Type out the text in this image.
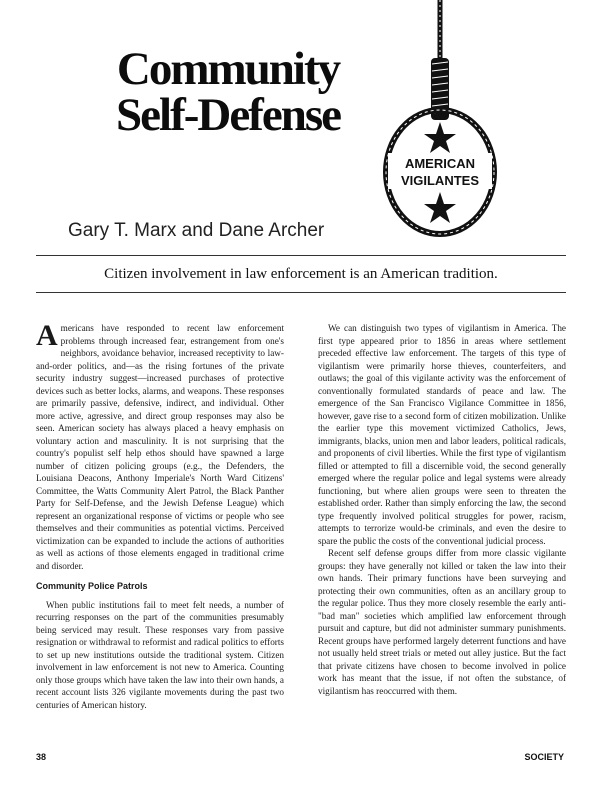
Community
Self-Defense
AMERICAN
VIGILANTES
Gary T. Marx and Dane Archer
Citizen involvement in law enforcement is an American tradition.

Americans have responded to recent law enforcement problems through increased fear, estrangement from one's neighbors, avoidance behavior, increased receptivity to law-and-order politics, and—as the rising fortunes of the private security industry suggest—increased purchases of protective devices such as better locks, alarms, and weapons. These responses are primarily passive, defensive, indirect, and individual. Other more active, agressive, and direct group responses may also be seen. American society has always placed a heavy emphasis on voluntary action and masculinity. It is not surprising that the country's populist self help ethos should have spawned a large number of citizen policing groups (e.g., the Defenders, the Louisiana Deacons, Anthony Imperiale's North Ward Citizens' Committee, the Watts Community Alert Patrol, the Black Panther Party for Self-Defense, and the Jewish Defense League) which represent an organizational response of victims or people who see themselves and their communities as potential victims. Perceived victimization can be expanded to include the actions of authorities as well as actions of those elements engaged in traditional crime and disorder.

Community Police Patrols

When public institutions fail to meet felt needs, a number of recurring responses on the part of the communities presumably being serviced may result. These responses vary from passive resignation or withdrawal to reformist and radical politics to efforts to set up new institutions outside the traditional system. Citizen involvement in law enforcement is not new to America. Counting only those groups which have taken the law into their own hands, a recent account lists 326 vigilante movements during the past two centuries of American history.

We can distinguish two types of vigilantism in America. The first type appeared prior to 1856 in areas where settlement preceded effective law enforcement. The targets of this type of vigilantism were primarily horse thieves, counterfeiters, and outlaws; the goal of this vigilante activity was the enforcement of conventionally formulated standards of peace and law. The emergence of the San Francisco Vigilance Committee in 1856, however, gave rise to a second form of citizen mobilization. Unlike the earlier type this movement victimized Catholics, Jews, immigrants, blacks, union men and labor leaders, political radicals, and proponents of civil liberties. While the first type of vigilantism filled or attempted to fill a discernible void, the second generally emerged where the regular police and legal systems were already functioning, but where alien groups were seen to threaten the established order. Rather than simply enforcing the law, the second type frequently involved political struggles for power, racism, attempts to terrorize would-be criminals, and even the desire to spare the public the costs of the conventional judicial process.

Recent self defense groups differ from more classic vigilante groups: they have generally not killed or taken the law into their own hands. Their primary functions have been surveying and protecting their own communities, often as an ancillary group to the regular police. Thus they more closely resemble the early anti-"bad man" societies which amplified law enforcement through pursuit and capture, but did not administer summary punishments. Recent groups have performed largely deterrent functions and have not usually held street trials or meted out alley justice. But the fact that private citizens have chosen to become involved in police work has meant that the issue, if not often the substance, of vigilantism has reoccurred with them.

38	SOCIETY
